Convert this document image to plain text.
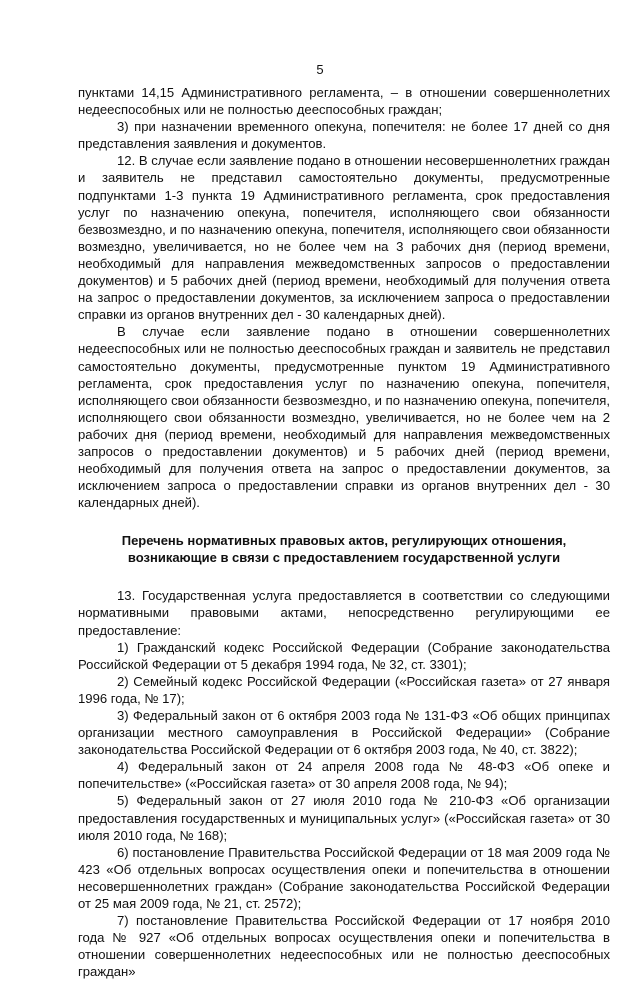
5

пунктами 14,15 Административного регламента, – в отношении совершеннолетних недееспособных или не полностью дееспособных граждан;

3) при назначении временного опекуна, попечителя: не более 17 дней со дня представления заявления и документов.

12. В случае если заявление подано в отношении несовершеннолетних граждан и заявитель не представил самостоятельно документы, предусмотренные подпунктами 1-3 пункта 19 Административного регламента, срок предоставления услуг по назначению опекуна, попечителя, исполняющего свои обязанности безвозмездно, и по назначению опекуна, попечителя, исполняющего свои обязанности возмездно, увеличивается, но не более чем на 3 рабочих дня (период времени, необходимый для направления межведомственных запросов о предоставлении документов) и 5 рабочих дней (период времени, необходимый для получения ответа на запрос о предоставлении документов, за исключением запроса о предоставлении справки из органов внутренних дел - 30 календарных дней).

В случае если заявление подано в отношении совершеннолетних недееспособных или не полностью дееспособных граждан и заявитель не представил самостоятельно документы, предусмотренные пунктом 19 Административного регламента, срок предоставления услуг по назначению опекуна, попечителя, исполняющего свои обязанности безвозмездно, и по назначению опекуна, попечителя, исполняющего свои обязанности возмездно, увеличивается, но не более чем на 2 рабочих дня (период времени, необходимый для направления межведомственных запросов о предоставлении документов) и 5 рабочих дней (период времени, необходимый для получения ответа на запрос о предоставлении документов, за исключением запроса о предоставлении справки из органов внутренних дел - 30 календарных дней).

Перечень нормативных правовых актов, регулирующих отношения, возникающие в связи с предоставлением государственной услуги

13. Государственная услуга предоставляется в соответствии со следующими нормативными правовыми актами, непосредственно регулирующими ее предоставление:

1) Гражданский кодекс Российской Федерации (Собрание законодательства Российской Федерации от 5 декабря 1994 года, № 32, ст. 3301);

2) Семейный кодекс Российской Федерации («Российская газета» от 27 января 1996 года, № 17);

3) Федеральный закон от 6 октября 2003 года № 131-ФЗ «Об общих принципах организации местного самоуправления в Российской Федерации» (Собрание законодательства Российской Федерации от 6 октября 2003 года, № 40, ст. 3822);

4) Федеральный закон от 24 апреля 2008 года № 48-ФЗ «Об опеке и попечительстве» («Российская газета» от 30 апреля 2008 года, № 94);

5) Федеральный закон от 27 июля 2010 года № 210-ФЗ «Об организации предоставления государственных и муниципальных услуг» («Российская газета» от 30 июля 2010 года, № 168);

6) постановление Правительства Российской Федерации от 18 мая 2009 года № 423 «Об отдельных вопросах осуществления опеки и попечительства в отношении несовершеннолетних граждан» (Собрание законодательства Российской Федерации от 25 мая 2009 года, № 21, ст. 2572);

7) постановление Правительства Российской Федерации от 17 ноября 2010 года № 927 «Об отдельных вопросах осуществления опеки и попечительства в отношении совершеннолетних недееспособных или не полностью дееспособных граждан»
